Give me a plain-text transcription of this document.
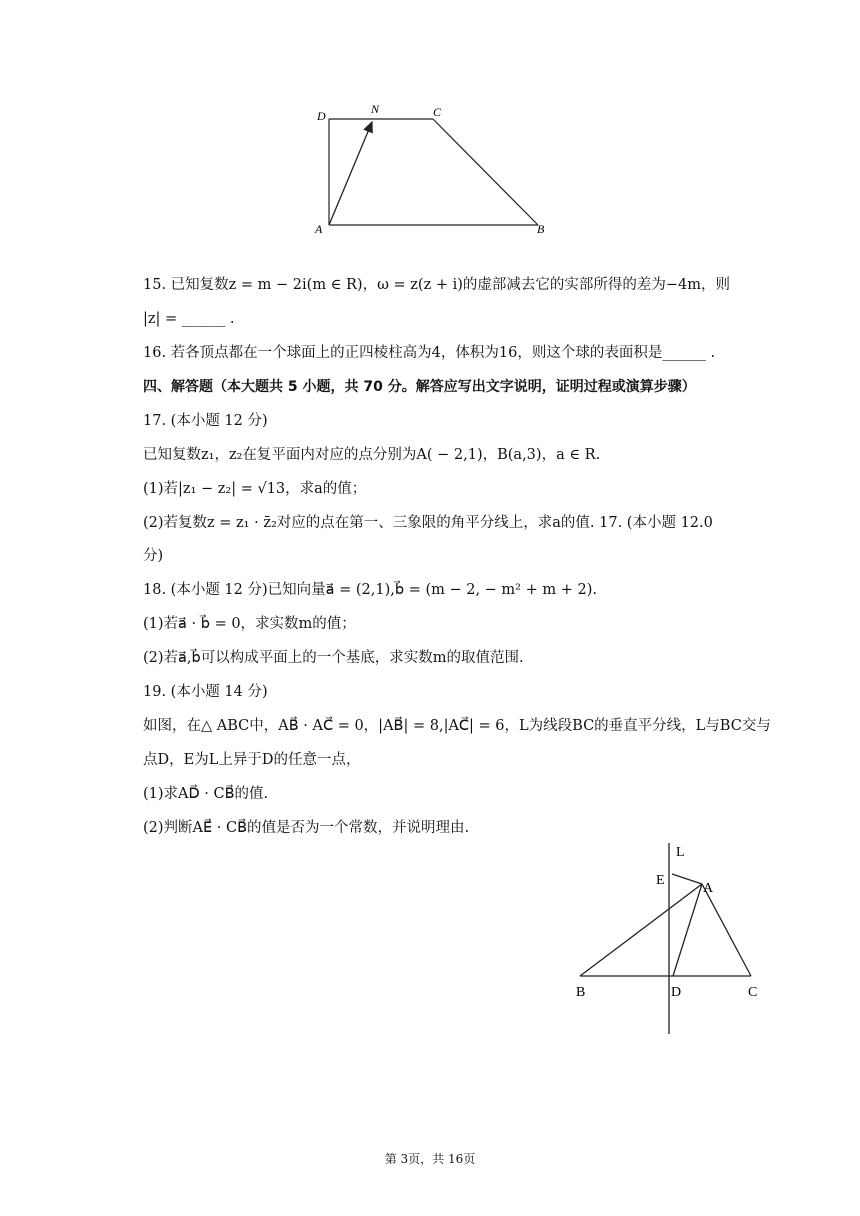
D	N	C
A	B
15. 已知复数z = m − 2i(m ∈ R)，ω = z(z + i)的虚部减去它的实部所得的差为−4m，则
|z| = ______ .
16. 若各顶点都在一个球面上的正四棱柱高为4，体积为16，则这个球的表面积是______ .
四、解答题（本大题共 5 小题，共 70 分。解答应写出文字说明，证明过程或演算步骤）
17. (本小题 12 分)
已知复数z₁，z₂在复平面内对应的点分别为A( − 2,1)，B(a,3)，a ∈ R.
(1)若|z₁ − z₂| = √13，求a的值；
(2)若复数z = z₁ · z̄₂对应的点在第一、三象限的角平分线上，求a的值. 17. (本小题 12.0
分)
18. (本小题 12 分)已知向量a⃗ = (2,1),b⃗ = (m − 2, − m² + m + 2).
(1)若a⃗ · b⃗ = 0，求实数m的值；
(2)若a⃗,b⃗可以构成平面上的一个基底，求实数m的取值范围.
19. (本小题 14 分)
如图，在△ ABC中，AB⃗ · AC⃗ = 0，|AB⃗| = 8,|AC⃗| = 6，L为线段BC的垂直平分线，L与BC交与
点D，E为L上异于D的任意一点，
(1)求AD⃗ · CB⃗的值.
(2)判断AE⃗ · CB⃗的值是否为一个常数，并说明理由.
L
E
A
B	D	C
第 3页，共 16页
